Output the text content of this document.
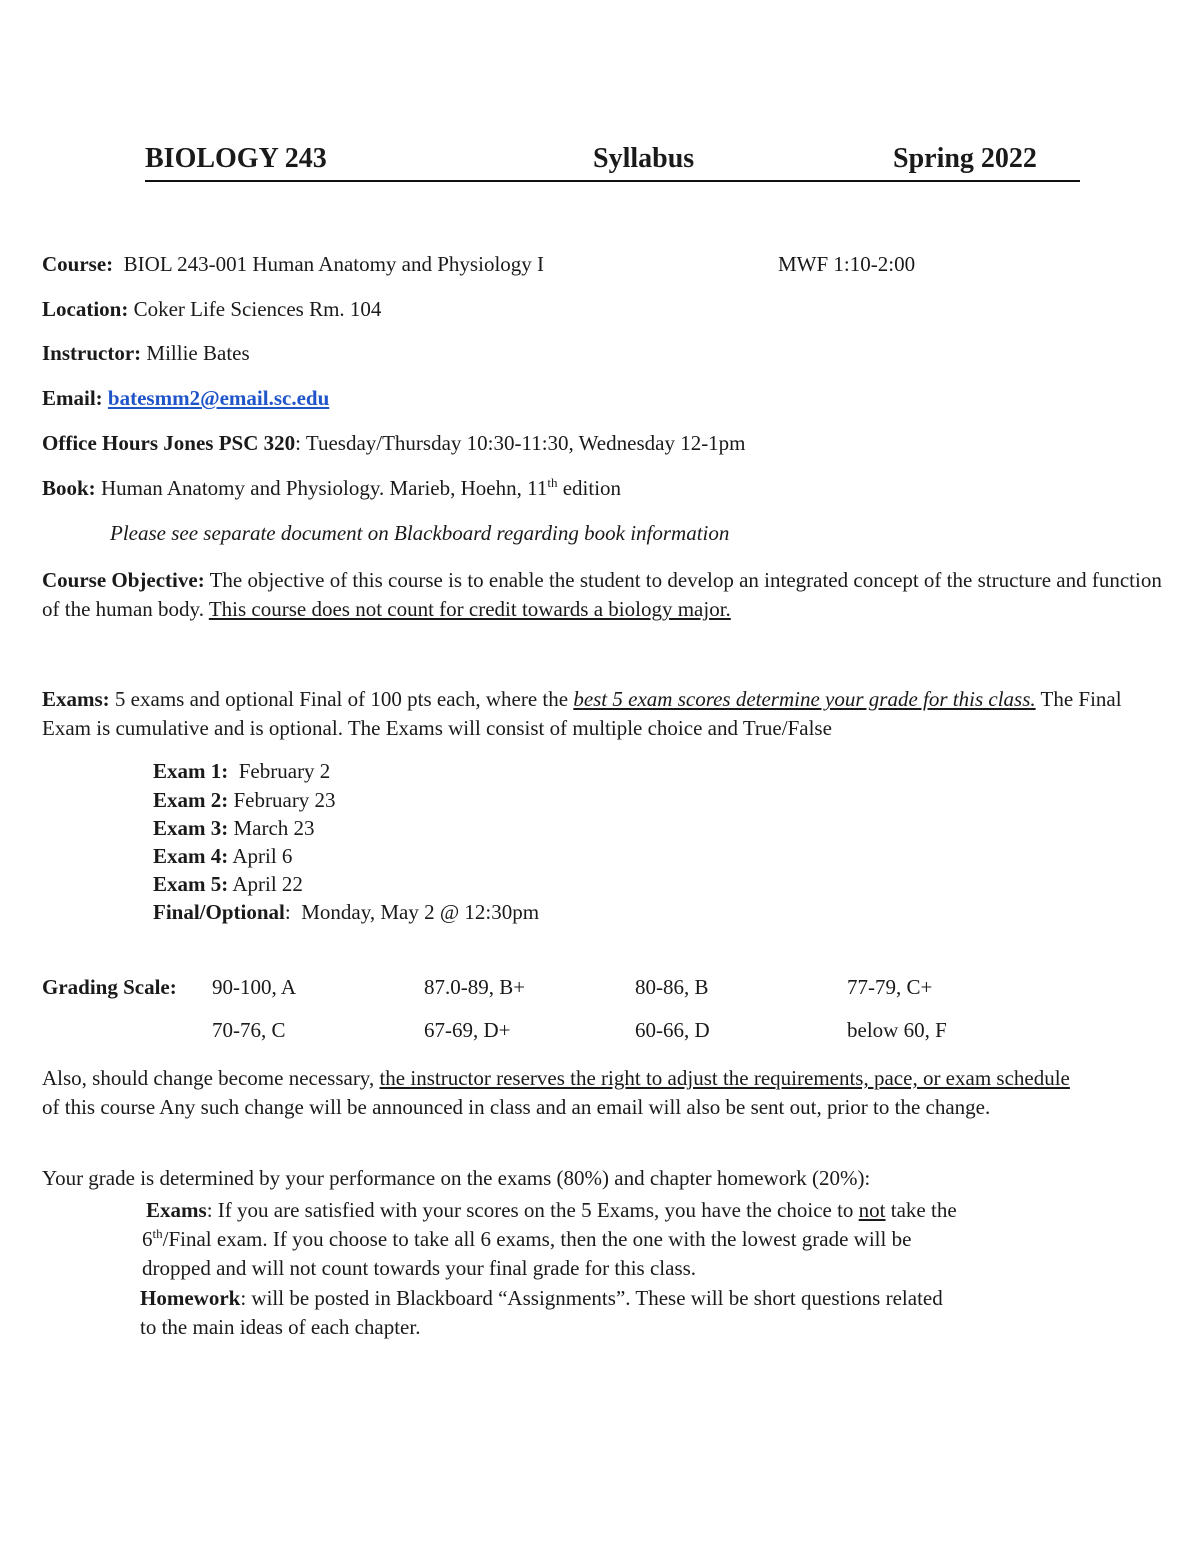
BIOLOGY 243	Syllabus	Spring 2022
Course: BIOL 243-001 Human Anatomy and Physiology I	MWF 1:10-2:00
Location: Coker Life Sciences Rm. 104
Instructor: Millie Bates
Email: batesmm2@email.sc.edu
Office Hours Jones PSC 320: Tuesday/Thursday 10:30-11:30, Wednesday 12-1pm
Book: Human Anatomy and Physiology. Marieb, Hoehn, 11th edition
Please see separate document on Blackboard regarding book information
Course Objective: The objective of this course is to enable the student to develop an integrated concept of the structure and function of the human body. This course does not count for credit towards a biology major.
Exams: 5 exams and optional Final of 100 pts each, where the best 5 exam scores determine your grade for this class. The Final Exam is cumulative and is optional. The Exams will consist of multiple choice and True/False
Exam 1:  February 2
Exam 2: February 23
Exam 3: March 23
Exam 4: April 6
Exam 5: April 22
Final/Optional:  Monday, May 2 @ 12:30pm
Grading Scale: 90-100, A	87.0-89, B+	80-86, B	77-79, C+
70-76, C	67-69, D+	60-66, D	below 60, F
Also, should change become necessary, the instructor reserves the right to adjust the requirements, pace, or exam schedule of this course Any such change will be announced in class and an email will also be sent out, prior to the change.
Your grade is determined by your performance on the exams (80%) and chapter homework (20%):
Exams: If you are satisfied with your scores on the 5 Exams, you have the choice to not take the
6th/Final exam. If you choose to take all 6 exams, then the one with the lowest grade will be
dropped and will not count towards your final grade for this class.
Homework: will be posted in Blackboard “Assignments”. These will be short questions related
to the main ideas of each chapter.
